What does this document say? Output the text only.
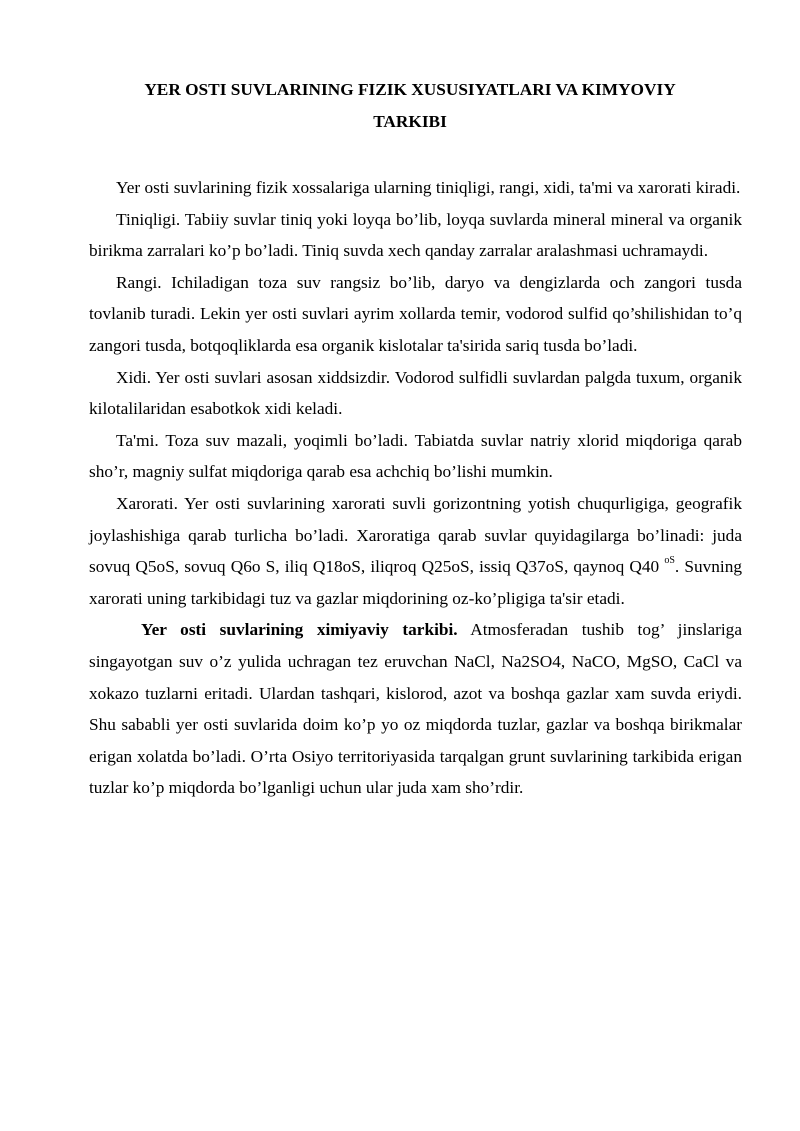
YER OSTI SUVLARINING FIZIK XUSUSIYATLARI VA KIMYOVIY
TARKIBI

Yer osti suvlarining fizik xossalariga ularning tiniqligi, rangi, xidi, ta'mi va xarorati kiradi.

Tiniqligi. Tabiiy suvlar tiniq yoki loyqa bo’lib, loyqa suvlarda mineral mineral va organik birikma zarralari ko’p bo’ladi. Tiniq suvda xech qanday zarralar aralashmasi uchramaydi.

Rangi. Ichiladigan toza suv rangsiz bo’lib, daryo va dengizlarda och zangori tusda tovlanib turadi. Lekin yer osti suvlari ayrim xollarda temir, vodorod sulfid qo’shilishidan to’q zangori tusda, botqoqliklarda esa organik kislotalar ta'sirida sariq tusda bo’ladi.

Xidi. Yer osti suvlari asosan xiddsizdir. Vodorod sulfidli suvlardan palgda tuxum, organik kilotalilaridan esabotkok xidi keladi.

Ta'mi. Toza suv mazali, yoqimli bo’ladi. Tabiatda suvlar natriy xlorid miqdoriga qarab sho’r, magniy sulfat miqdoriga qarab esa achchiq bo’lishi mumkin.

Xarorati. Yer osti suvlarining xarorati suvli gorizontning yotish chuqurligiga, geografik joylashishiga qarab turlicha bo’ladi. Xaroratiga qarab suvlar quyidagilarga bo’linadi: juda sovuq Q5oS, sovuq Q6o S, iliq Q18oS, iliqroq Q25oS, issiq Q37oS, qaynoq Q40 $^{oS}$. Suvning xarorati uning tarkibidagi tuz va gazlar miqdorining oz-ko’pligiga ta'sir etadi.

Yer osti suvlarining ximiyaviy tarkibi. Atmosferadan tushib tog’ jinslariga singayotgan suv o’z yulida uchragan tez eruvchan NaCl, Na2SO4, NaCO, MgSO, CaCl va xokazo tuzlarni eritadi. Ulardan tashqari, kislorod, azot va boshqa gazlar xam suvda eriydi. Shu sababli yer osti suvlarida doim ko’p yo oz miqdorda tuzlar, gazlar va boshqa birikmalar erigan xolatda bo’ladi. O’rta Osiyo territoriyasida tarqalgan grunt suvlarining tarkibida erigan tuzlar ko’p miqdorda bo’lganligi uchun ular juda xam sho’rdir.
